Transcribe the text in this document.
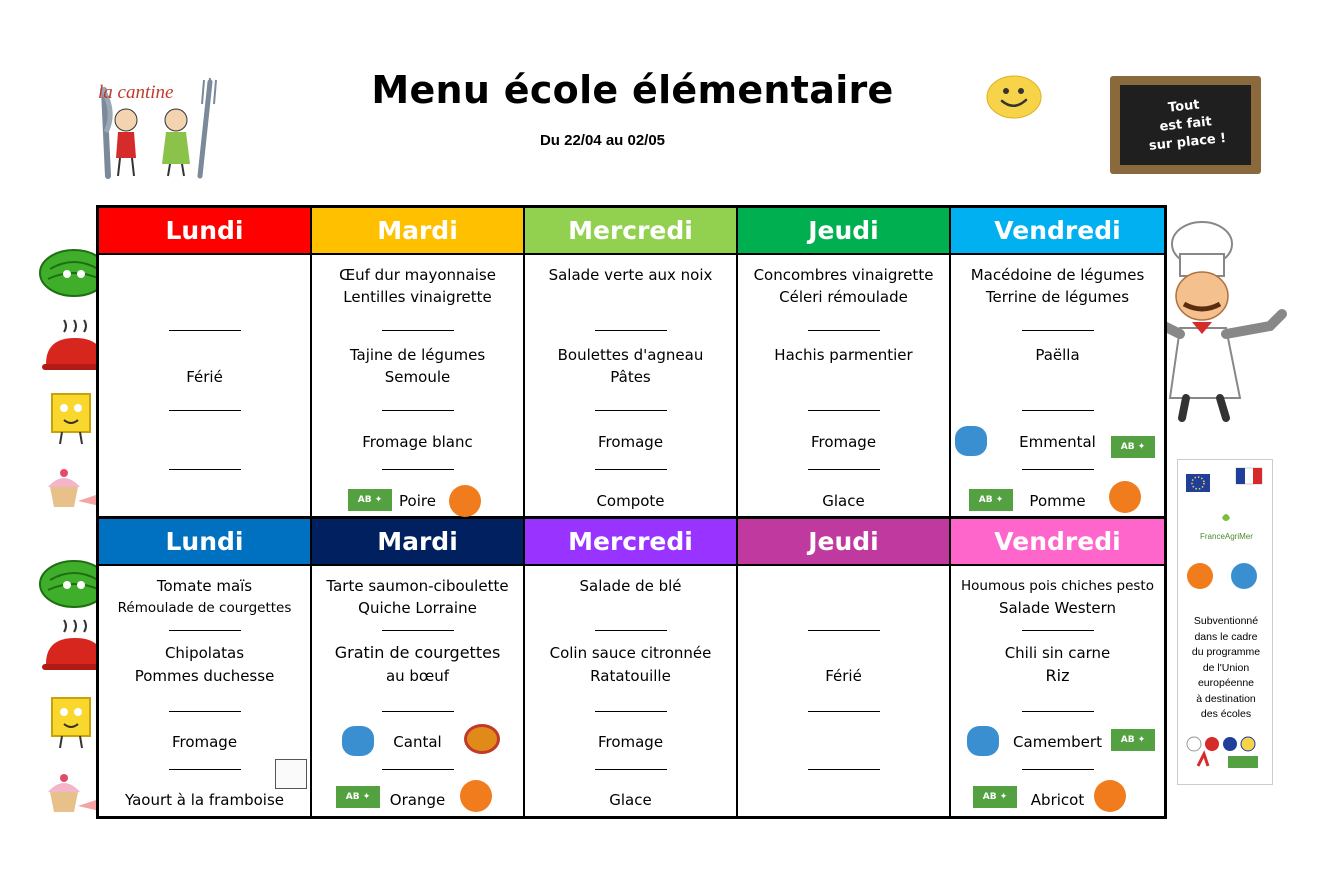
la cantine	Menu école élémentaire
Du 22/04 au 02/05
Tout
est fait
sur place !
Lundi
Férié
Mardi
Œuf dur mayonnaise
Lentilles vinaigrette
Tajine de légumes
Semoule
Fromage blanc
AB ✦	Poire
Mercredi
Salade verte aux noix
Boulettes d'agneau
Pâtes
Fromage
Compote
Jeudi
Concombres vinaigrette
Céleri rémoulade
Hachis parmentier
Fromage
Glace
Vendredi
Macédoine de légumes
Terrine de légumes
Paëlla
Emmental	AB ✦
AB ✦	Pomme
Lundi
Tomate maïs
Rémoulade de courgettes
Chipolatas
Pommes duchesse
Fromage
Yaourt à la framboise
Mardi
Tarte saumon-ciboulette
Quiche Lorraine
Gratin de courgettes
au bœuf
Cantal
AB ✦	Orange
Mercredi
Salade de blé
Colin sauce citronnée
Ratatouille
Fromage
Glace
Jeudi
Férié
Vendredi
Houmous pois chiches pesto
Salade Western
Chili sin carne
Riz
Camembert	AB ✦
AB ✦	Abricot
FranceAgriMer
Subventionné
dans le cadre
du programme
de l'Union
européenne
à destination
des écoles
